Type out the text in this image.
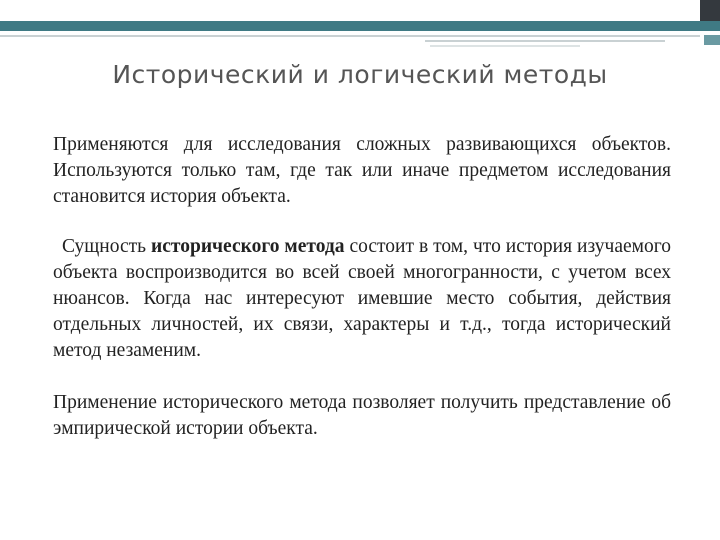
Исторический и логический методы

Применяются для исследования сложных развивающихся объектов. Используются только там, где так или иначе предметом исследования становится история объекта.

Сущность исторического метода состоит в том, что история изучаемого объекта воспроизводится во всей своей многогранности, с учетом всех нюансов. Когда нас интересуют имевшие место события, действия отдельных личностей, их связи, характеры и т.д., тогда исторический метод незаменим.

Применение исторического метода позволяет получить представление об эмпирической истории объекта.
